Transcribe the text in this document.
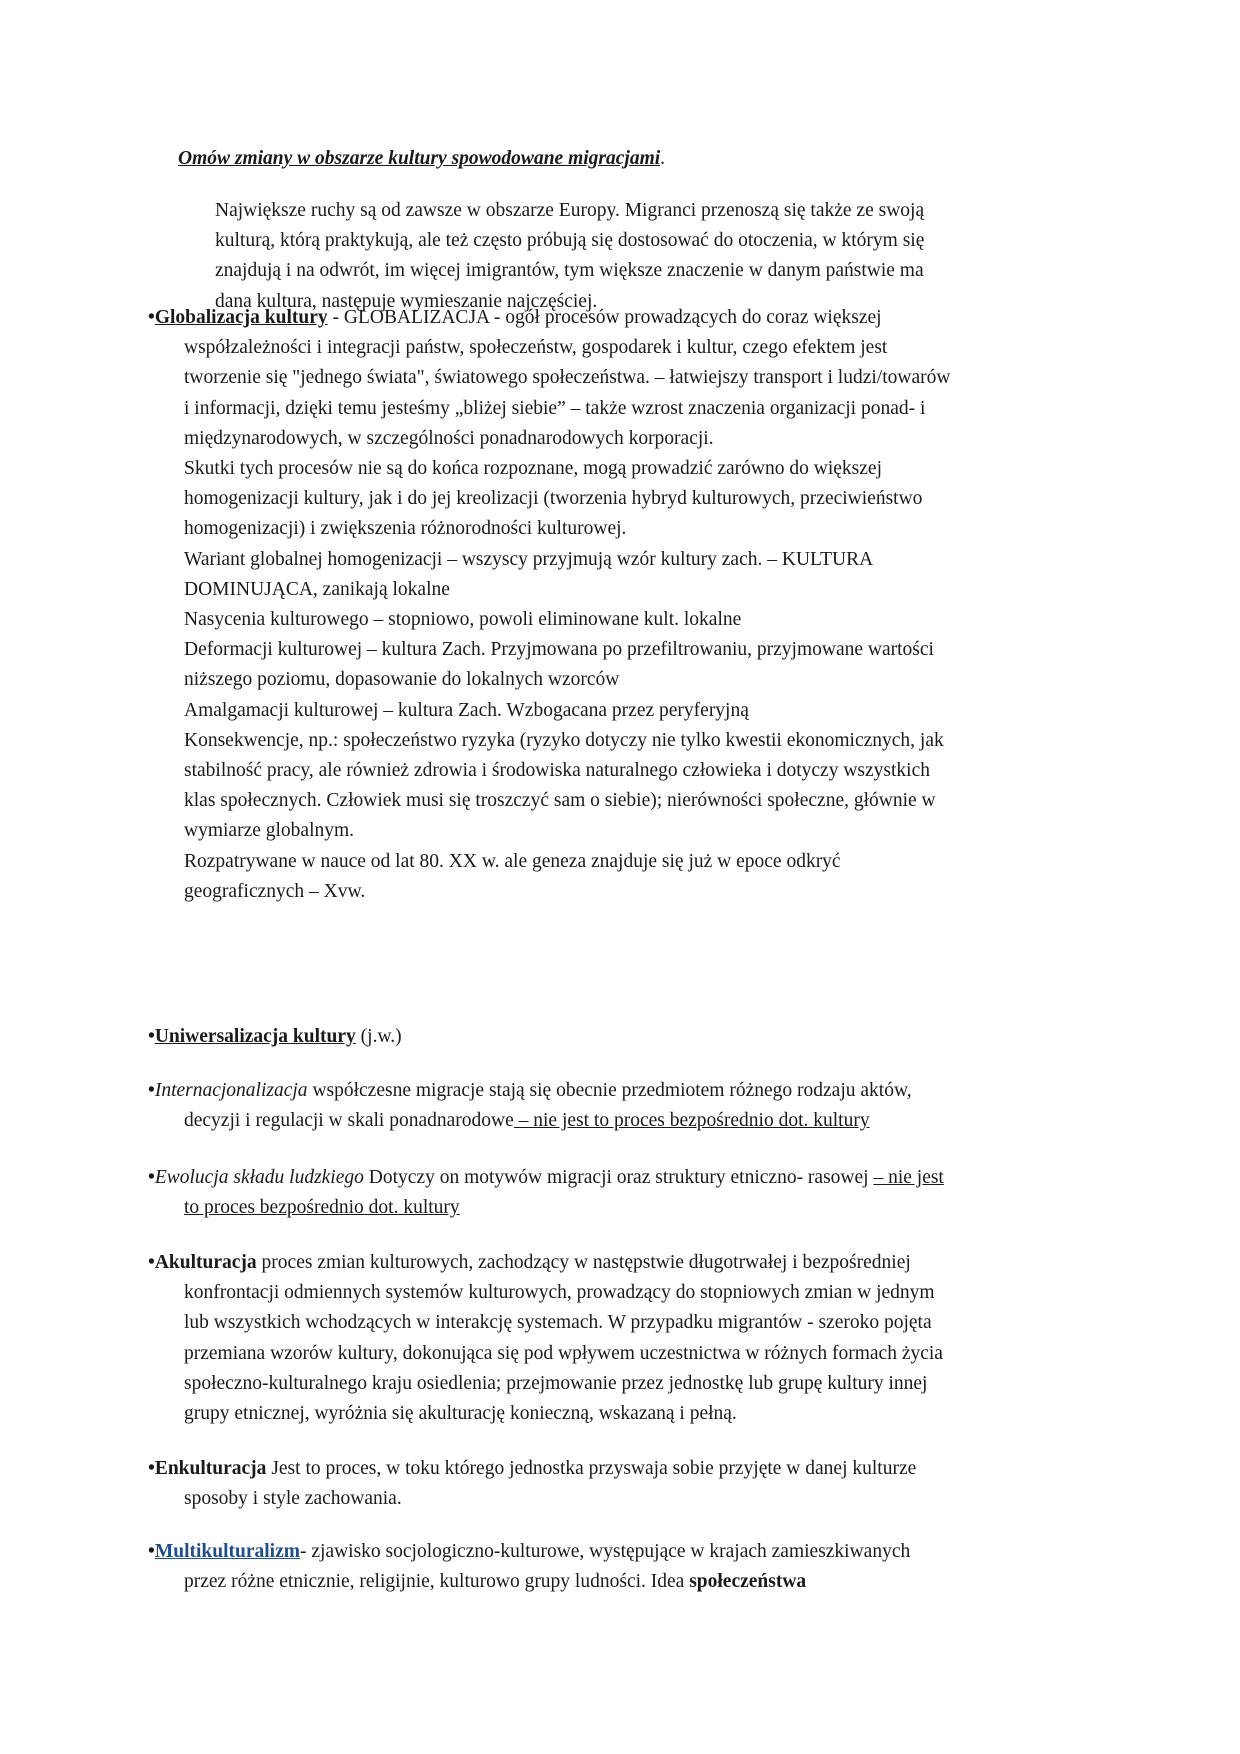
Omów zmiany w obszarze kultury spowodowane migracjami.
Największe ruchy są od zawsze w obszarze Europy. Migranci przenoszą się także ze swoją
kulturą, którą praktykują, ale też często próbują się dostosować do otoczenia, w którym się
znajdują i na odwrót, im więcej imigrantów, tym większe znaczenie w danym państwie ma
dana kultura, następuje wymieszanie najczęściej.
•Globalizacja kultury - GLOBALIZACJA - ogół procesów prowadzących do coraz większej
współzależności i integracji państw, społeczeństw, gospodarek i kultur, czego efektem jest
tworzenie się "jednego świata", światowego społeczeństwa. – łatwiejszy transport i ludzi/towarów
i informacji, dzięki temu jesteśmy „bliżej siebie” – także wzrost znaczenia organizacji ponad- i
międzynarodowych, w szczególności ponadnarodowych korporacji.
Skutki tych procesów nie są do końca rozpoznane, mogą prowadzić zarówno do większej
homogenizacji kultury, jak i do jej kreolizacji (tworzenia hybryd kulturowych, przeciwieństwo
homogenizacji) i zwiększenia różnorodności kulturowej.
Wariant globalnej homogenizacji – wszyscy przyjmują wzór kultury zach. – KULTURA
DOMINUJĄCA, zanikają lokalne
Nasycenia kulturowego – stopniowo, powoli eliminowane kult. lokalne
Deformacji kulturowej – kultura Zach. Przyjmowana po przefiltrowaniu, przyjmowane wartości
niższego poziomu, dopasowanie do lokalnych wzorców
Amalgamacji kulturowej – kultura Zach. Wzbogacana przez peryferyjną
Konsekwencje, np.: społeczeństwo ryzyka (ryzyko dotyczy nie tylko kwestii ekonomicznych, jak
stabilność pracy, ale również zdrowia i środowiska naturalnego człowieka i dotyczy wszystkich
klas społecznych. Człowiek musi się troszczyć sam o siebie); nierówności społeczne, głównie w
wymiarze globalnym.
Rozpatrywane w nauce od lat 80. XX w. ale geneza znajduje się już w epoce odkryć
geograficznych – Xvw.
•Uniwersalizacja kultury (j.w.)
•Internacjonalizacja współczesne migracje stają się obecnie przedmiotem różnego rodzaju aktów,
decyzji i regulacji w skali ponadnarodowe – nie jest to proces bezpośrednio dot. kultury
•Ewolucja składu ludzkiego Dotyczy on motywów migracji oraz struktury etniczno- rasowej – nie jest
to proces bezpośrednio dot. kultury
•Akulturacja proces zmian kulturowych, zachodzący w następstwie długotrwałej i bezpośredniej
konfrontacji odmiennych systemów kulturowych, prowadzący do stopniowych zmian w jednym
lub wszystkich wchodzących w interakcję systemach. W przypadku migrantów - szeroko pojęta
przemiana wzorów kultury, dokonująca się pod wpływem uczestnictwa w różnych formach życia
społeczno-kulturalnego kraju osiedlenia; przejmowanie przez jednostkę lub grupę kultury innej
grupy etnicznej, wyróżnia się akulturację konieczną, wskazaną i pełną.
•Enkulturacja Jest to proces, w toku którego jednostka przyswaja sobie przyjęte w danej kulturze
sposoby i style zachowania.
•Multikulturalizm- zjawisko socjologiczno-kulturowe, występujące w krajach zamieszkiwanych
przez różne etnicznie, religijnie, kulturowo grupy ludności. Idea społeczeństwa
